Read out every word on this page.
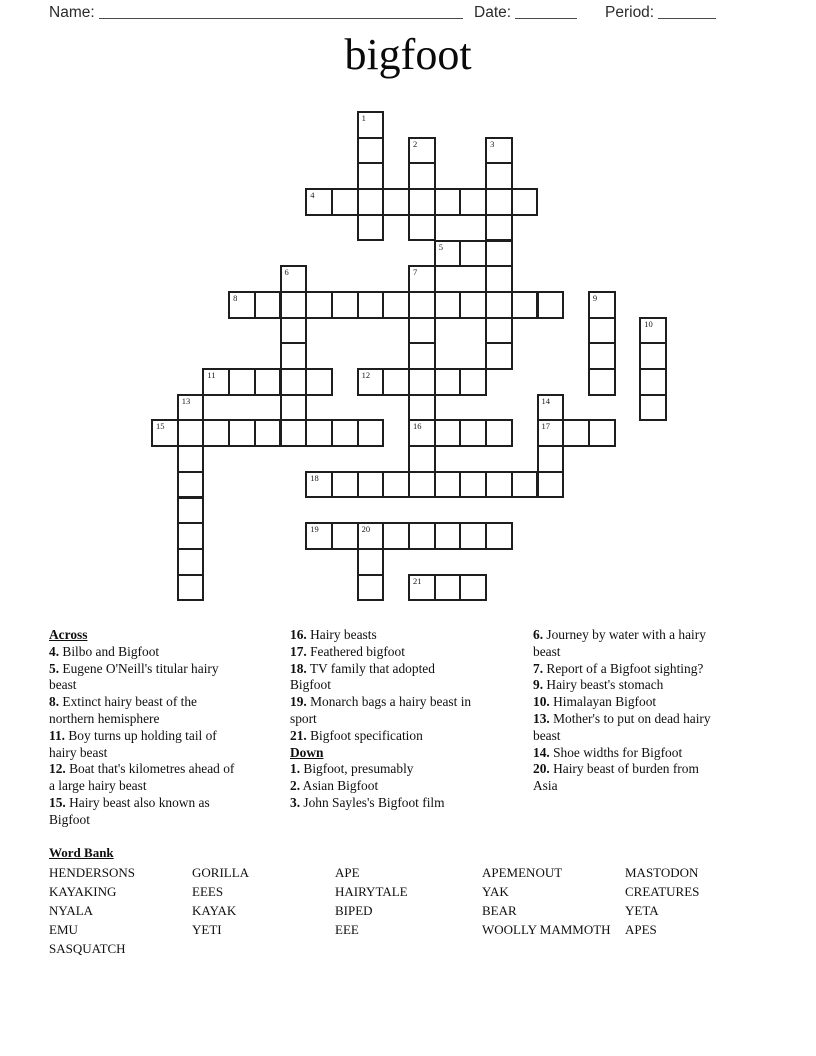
Name:	Date:	Period:
bigfoot
4
5
8
11	12
15	16	17
18
19	20
21
1
2	3
6	7
9
10
13	14
Across
4. Bilbo and Bigfoot
5. Eugene O'Neill's titular hairy
beast
8. Extinct hairy beast of the
northern hemisphere
11. Boy turns up holding tail of
hairy beast
12. Boat that's kilometres ahead of
a large hairy beast
15. Hairy beast also known as
Bigfoot
16. Hairy beasts
17. Feathered bigfoot
18. TV family that adopted
Bigfoot
19. Monarch bags a hairy beast in
sport
21. Bigfoot specification
Down
1. Bigfoot, presumably
2. Asian Bigfoot
3. John Sayles's Bigfoot film
6. Journey by water with a hairy
beast
7. Report of a Bigfoot sighting?
9. Hairy beast's stomach
10. Himalayan Bigfoot
13. Mother's to put on dead hairy
beast
14. Shoe widths for Bigfoot
20. Hairy beast of burden from
Asia
Word Bank
HENDERSONS
KAYAKING
NYALA
EMU
SASQUATCH
GORILLA
EEES
KAYAK
YETI
APE
HAIRYTALE
BIPED
EEE
APEMENOUT
YAK
BEAR
WOOLLY MAMMOTH
MASTODON
CREATURES
YETA
APES
